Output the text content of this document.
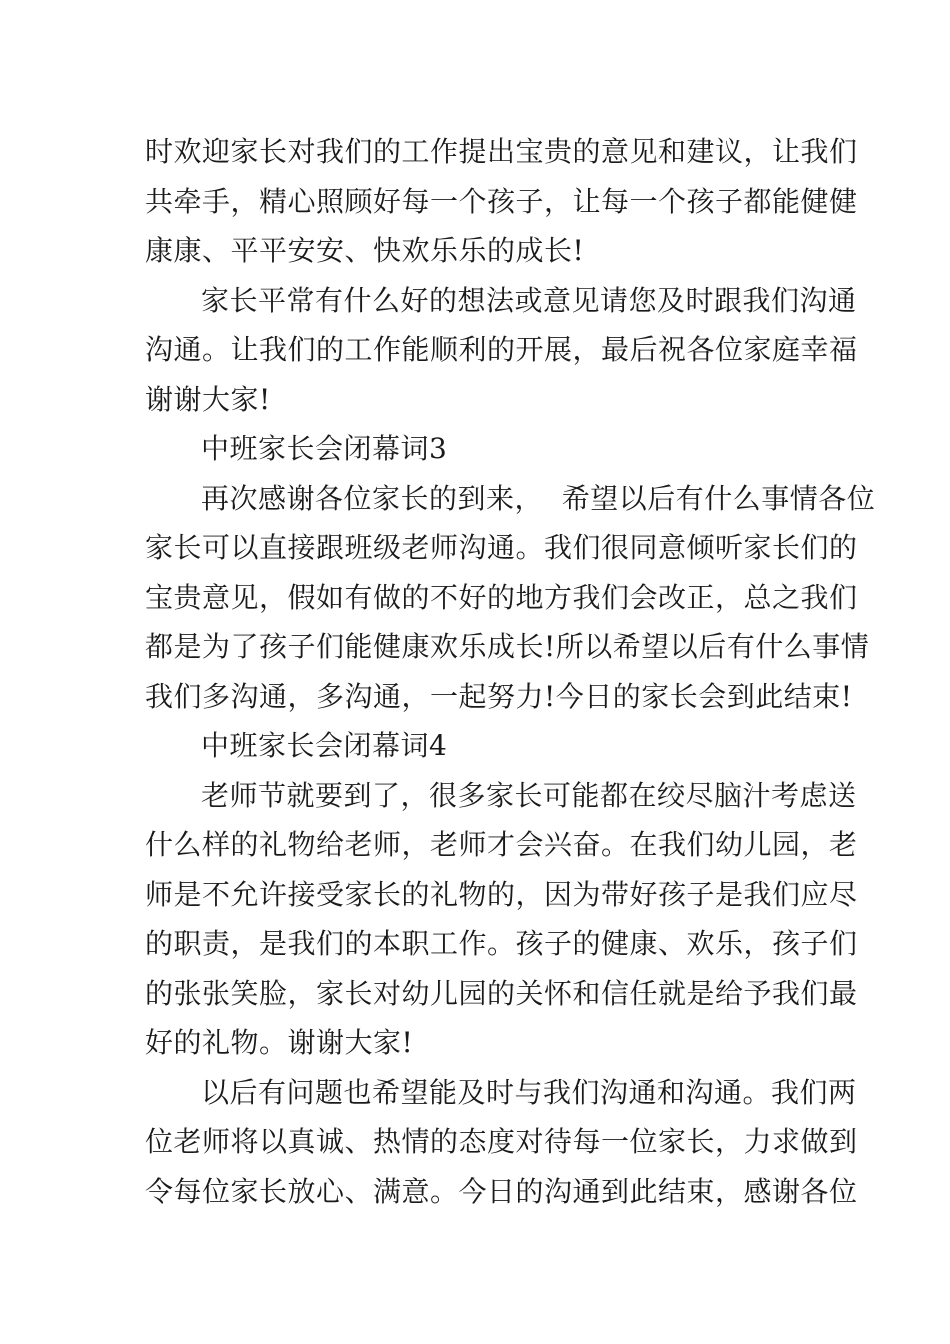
时欢迎家长对我们的工作提出宝贵的意见和建议，让我们
共牵手，精心照顾好每一个孩子，让每一个孩子都能健健
康康、平平安安、快欢乐乐的成长!
家长平常有什么好的想法或意见请您及时跟我们沟通
沟通。让我们的工作能顺利的开展，最后祝各位家庭幸福
谢谢大家!
中班家长会闭幕词3
再次感谢各位家长的到来，  希望以后有什么事情各位
家长可以直接跟班级老师沟通。我们很同意倾听家长们的
宝贵意见，假如有做的不好的地方我们会改正，总之我们
都是为了孩子们能健康欢乐成长!所以希望以后有什么事情
我们多沟通，多沟通，一起努力!今日的家长会到此结束!
中班家长会闭幕词4
老师节就要到了，很多家长可能都在绞尽脑汁考虑送
什么样的礼物给老师，老师才会兴奋。在我们幼儿园，老
师是不允许接受家长的礼物的，因为带好孩子是我们应尽
的职责，是我们的本职工作。孩子的健康、欢乐，孩子们
的张张笑脸，家长对幼儿园的关怀和信任就是给予我们最
好的礼物。谢谢大家!
以后有问题也希望能及时与我们沟通和沟通。我们两
位老师将以真诚、热情的态度对待每一位家长，力求做到
令每位家长放心、满意。今日的沟通到此结束，感谢各位
